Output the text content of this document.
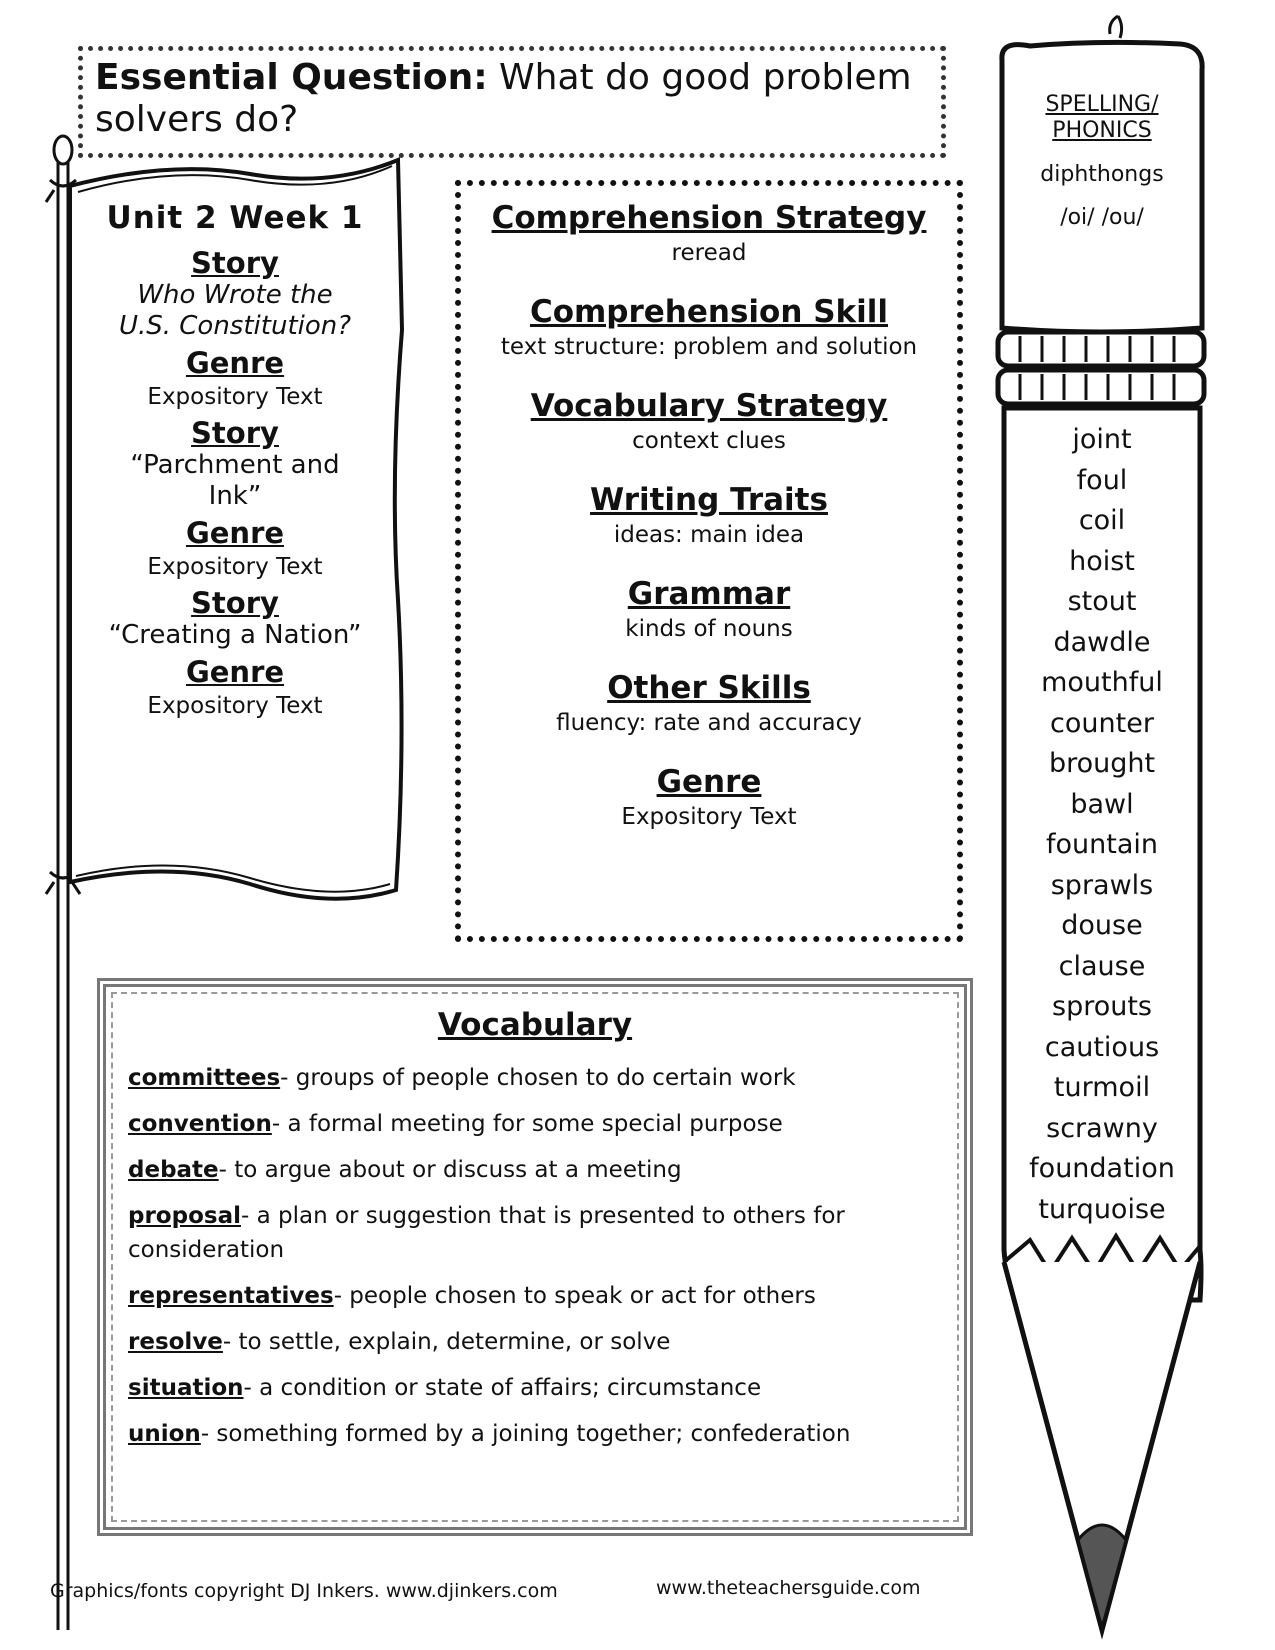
Essential Question: What do good problem
solvers do?
Unit 2 Week 1
Story
Who Wrote the
U.S. Constitution?
Genre
Expository Text
Story
“Parchment and
Ink”
Genre
Expository Text
Story
“Creating a Nation”
Genre
Expository Text
Comprehension Strategy
reread
Comprehension Skill
text structure: problem and solution
Vocabulary Strategy
context clues
Writing Traits
ideas: main idea
Grammar
kinds of nouns
Other Skills
fluency: rate and accuracy
Genre
Expository Text
Vocabulary
committees- groups of people chosen to do certain work
convention- a formal meeting for some special purpose
debate- to argue about or discuss at a meeting
proposal- a plan or suggestion that is presented to others for consideration
representatives- people chosen to speak or act for others
resolve- to settle, explain, determine, or solve
situation- a condition or state of affairs; circumstance
union- something formed by a joining together; confederation
SPELLING/
PHONICS
diphthongs
/oi/ /ou/
joint
foul
coil
hoist
stout
dawdle
mouthful
counter
brought
bawl
fountain
sprawls
douse
clause
sprouts
cautious
turmoil
scrawny
foundation
turquoise
Graphics/fonts copyright DJ Inkers. www.djinkers.com	www.theteachersguide.com
